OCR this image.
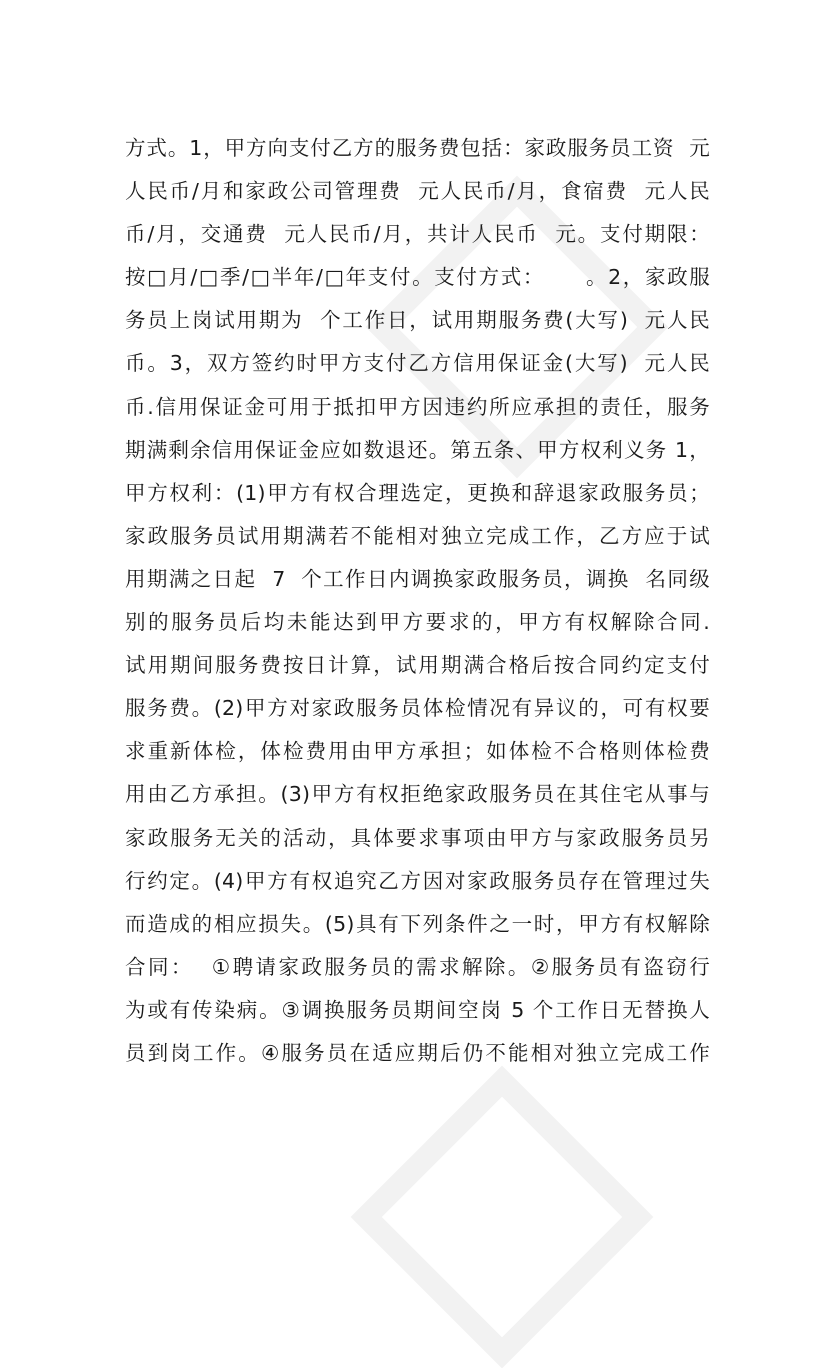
方式。1，甲方向支付乙方的服务费包括：家政服务员工资  元
人民币/月和家政公司管理费  元人民币/月，食宿费  元人民
币/月，交通费  元人民币/月，共计人民币  元。支付期限：
按□月/□季/□半年/□年支付。支付方式：     。2，家政服
务员上岗试用期为  个工作日，试用期服务费(大写)  元人民
币。3，双方签约时甲方支付乙方信用保证金(大写)  元人民
币.信用保证金可用于抵扣甲方因违约所应承担的责任，服务
期满剩余信用保证金应如数退还。第五条、甲方权利义务 1，
甲方权利：(1)甲方有权合理选定，更换和辞退家政服务员；
家政服务员试用期满若不能相对独立完成工作，乙方应于试
用期满之日起  7  个工作日内调换家政服务员，调换  名同级
别的服务员后均未能达到甲方要求的，甲方有权解除合同.
试用期间服务费按日计算，试用期满合格后按合同约定支付
服务费。(2)甲方对家政服务员体检情况有异议的，可有权要
求重新体检，体检费用由甲方承担；如体检不合格则体检费
用由乙方承担。(3)甲方有权拒绝家政服务员在其住宅从事与
家政服务无关的活动，具体要求事项由甲方与家政服务员另
行约定。(4)甲方有权追究乙方因对家政服务员存在管理过失
而造成的相应损失。(5)具有下列条件之一时，甲方有权解除
合同：  ①聘请家政服务员的需求解除。②服务员有盗窃行
为或有传染病。③调换服务员期间空岗 5 个工作日无替换人
员到岗工作。④服务员在适应期后仍不能相对独立完成工作
